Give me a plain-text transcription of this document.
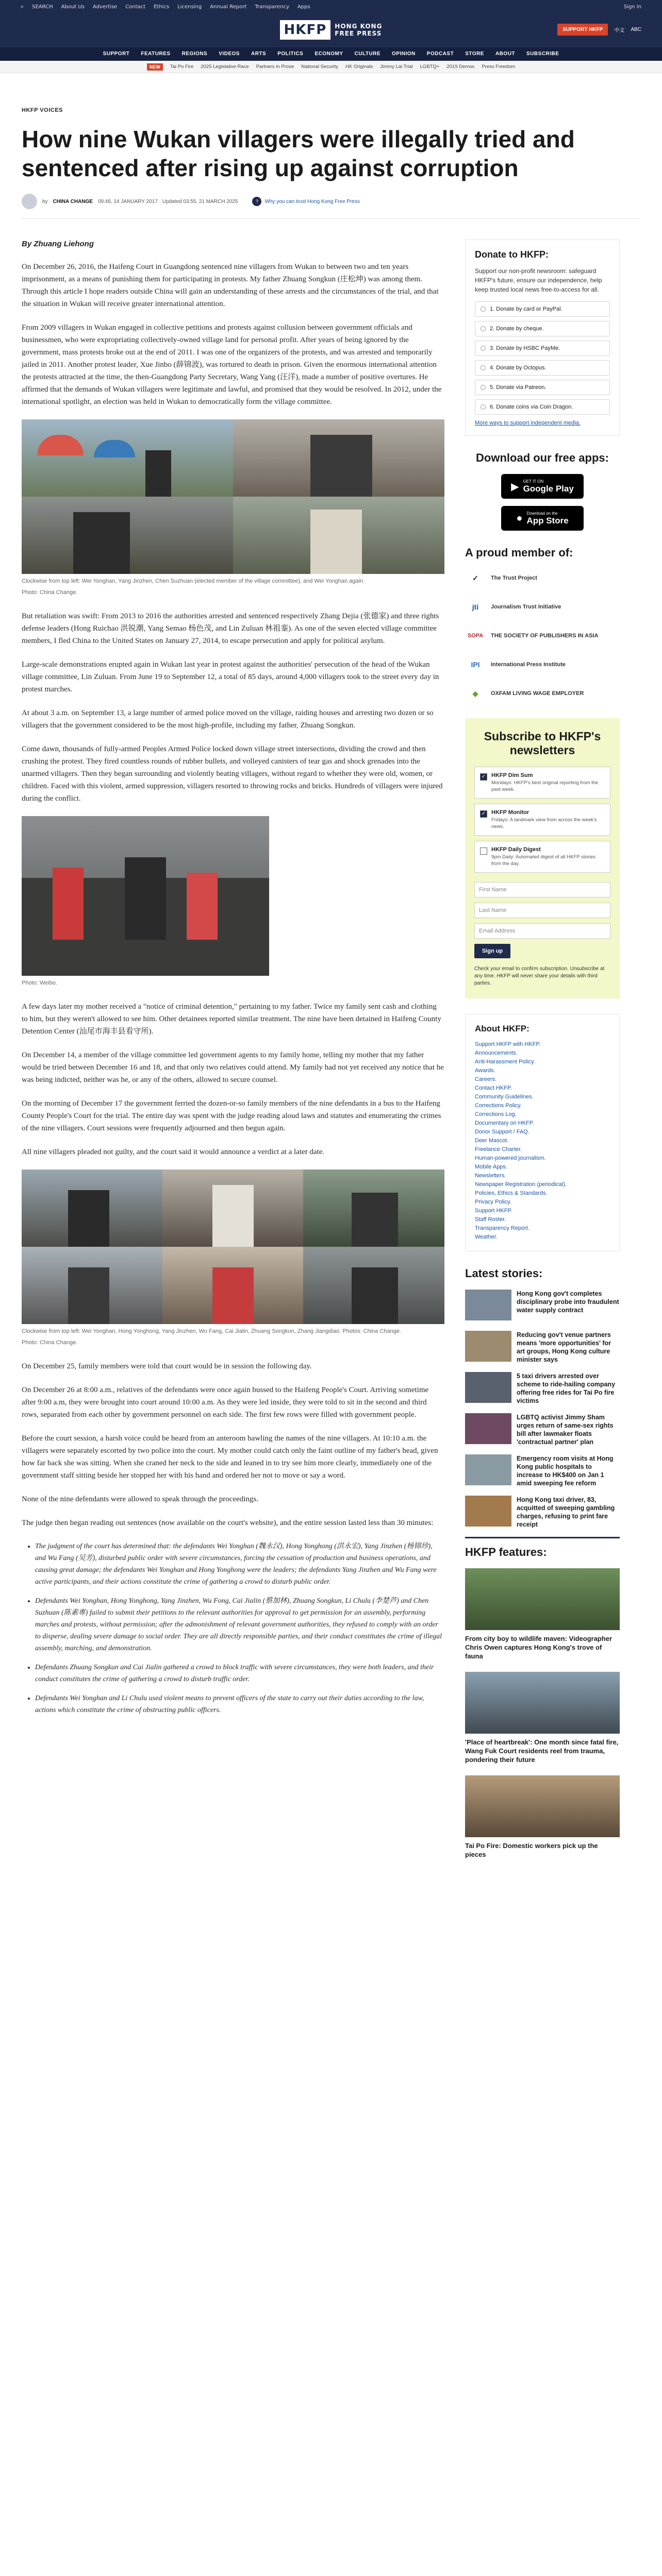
⌕ SEARCH About Us Advertise Contact Ethics Licensing Annual Report Transparency Apps	Sign in
HKFP	HONG KONG
FREE PRESS
SUPPORT HKFP	中文 ABC
SUPPORT FEATURES REGIONS VIDEOS ARTS POLITICS ECONOMY CULTURE OPINION PODCAST STORE ABOUT SUBSCRIBE
NEW	Tai Po Fire 2025 Legislative Race Partners in Prose National Security HK Originals Jimmy Lai Trial LGBTQ+ 2019 Demos Press Freedom
HKFP VOICES
How nine Wukan villagers were illegally tried and sentenced after rising up against corruption
by CHINA CHANGE 09:46, 14 JANUARY 2017 · Updated 03:55, 21 MARCH 2025	?	Why you can trust Hong Kong Free Press
By Zhuang Liehong

On December 26, 2016, the Haifeng Court in Guangdong sentenced nine villagers from Wukan to between two and ten years imprisonment, as a means of punishing them for participating in protests. My father Zhuang Songkun (庄松坤) was among them. Through this article I hope readers outside China will gain an understanding of these arrests and the circumstances of the trial, and that the situation in Wukan will receive greater international attention.

From 2009 villagers in Wukan engaged in collective petitions and protests against collusion between government officials and businessmen, who were expropriating collectively-owned village land for personal profit. After years of being ignored by the government, mass protests broke out at the end of 2011. I was one of the organizers of the protests, and was arrested and temporarily jailed in 2011. Another protest leader, Xue Jinbo (薛锦波), was tortured to death in prison. Given the enormous international attention the protests attracted at the time, the then-Guangdong Party Secretary, Wang Yang (汪洋), made a number of positive overtures. He affirmed that the demands of Wukan villagers were legitimate and lawful, and promised that they would be resolved. In 2012, under the international spotlight, an election was held in Wukan to democratically form the village committee.

Clockwise from top left: Wei Yonghan, Yang Jinzhen, Chen Suzhuan (elected member of the village committee), and Wei Yonghan again.
Photo: China Change.

But retaliation was swift: From 2013 to 2016 the authorities arrested and sentenced respectively Zhang Dejia (张德家) and three rights defense leaders (Hong Ruichao 洪锐潮, Yang Semao 杨色茂, and Lin Zuluan 林祖銮). As one of the seven elected village committee members, I fled China to the United States on January 27, 2014, to escape persecution and apply for political asylum.

Large-scale demonstrations erupted again in Wukan last year in protest against the authorities' persecution of the head of the Wukan village committee, Lin Zuluan. From June 19 to September 12, a total of 85 days, around 4,000 villagers took to the street every day in protest marches.

At about 3 a.m. on September 13, a large number of armed police moved on the village, raiding houses and arresting two dozen or so villagers that the government considered to be the most high-profile, including my father, Zhuang Songkun.

Come dawn, thousands of fully-armed Peoples Armed Police locked down village street intersections, dividing the crowd and then crushing the protest. They fired countless rounds of rubber bullets, and volleyed canisters of tear gas and shock grenades into the unarmed villagers. Then they began surrounding and violently beating villagers, without regard to whether they were old, women, or children. Faced with this violent, armed suppression, villagers resorted to throwing rocks and bricks. Hundreds of villagers were injured during the conflict.

Photo: Weibo.

A few days later my mother received a "notice of criminal detention," pertaining to my father. Twice my family sent cash and clothing to him, but they weren't allowed to see him. Other detainees reported similar treatment. The nine have been detained in Haifeng County Detention Center (汕尾市海丰县看守所).

On December 14, a member of the village committee led government agents to my family home, telling my mother that my father would be tried between December 16 and 18, and that only two relatives could attend. My family had not yet received any notice that he was being indicted, neither was he, or any of the others, allowed to secure counsel.

On the morning of December 17 the government ferried the dozen-or-so family members of the nine defendants in a bus to the Haifeng County People's Court for the trial. The entire day was spent with the judge reading aloud laws and statutes and enumerating the crimes of the nine villagers. Court sessions were frequently adjourned and then begun again.

All nine villagers pleaded not guilty, and the court said it would announce a verdict at a later date.

Clockwise from top left: Wei Yonghan, Hong Yonghong, Yang Jinzhen, Wu Fang, Cai Jialin, Zhuang Songkun, Zhang Jiangdiao. Photos: China Change.
Photo: China Change.

On December 25, family members were told that court would be in session the following day.

On December 26 at 8:00 a.m., relatives of the defendants were once again bussed to the Haifeng People's Court. Arriving sometime after 9:00 a.m, they were brought into court around 10:00 a.m. As they were led inside, they were told to sit in the second and third rows, separated from each other by government personnel on each side. The first few rows were filled with government people.

Before the court session, a harsh voice could be heard from an anteroom bawling the names of the nine villagers. At 10:10 a.m. the villagers were separately escorted by two police into the court. My mother could catch only the faint outline of my father's head, given how far back she was sitting. When she craned her neck to the side and leaned in to try see him more clearly, immediately one of the government staff sitting beside her stopped her with his hand and ordered her not to move or say a word.

None of the nine defendants were allowed to speak through the proceedings.

The judge then began reading out sentences (now available on the court's website), and the entire session lasted less than 30 minutes:

• The judgment of the court has determined that: the defendants Wei Yonghan (魏永汉), Hong Yonghong (洪永宏), Yang Jinzhen (杨锦珍), and Wu Fang (吴芳), disturbed public order with severe circumstances, forcing the cessation of production and business operations, and causing great damage; the defendants Wei Yonghan and Hong Yonghong were the leaders; the defendants Yang Jinzhen and Wu Fang were active participants, and their actions constitute the crime of gathering a crowd to disturb public order.
• Defendants Wei Yonghan, Hong Yonghong, Yang Jinzhen, Wu Fong, Cai Jialin (蔡加林), Zhuang Songkun, Li Chulu (李楚芦) and Chen Suzhuan (陈素專) failed to submit their petitions to the relevant authorities for approval to get permission for an assembly, performing marches and protests, without permission; after the admonishment of relevant government authorities, they refused to comply with an order to disperse, dealing severe damage to social order. They are all directly responsible parties, and their conduct constitutes the crime of illegal assembly, marching, and demonstration.
• Defendants Zhuang Songkun and Cai Jialin gathered a crowd to block traffic with severe circumstances, they were both leaders, and their conduct constitutes the crime of gathering a crowd to disturb traffic order.
• Defendants Wei Yonghan and Li Chulu used violent means to prevent officers of the state to carry out their duties according to the law, actions which constitute the crime of obstructing public officers.
Donate to HKFP:
Support our non-profit newsroom: safeguard HKFP's future, ensure our independence, help keep trusted local news free-to-access for all.
1. Donate by card or PayPal.
2. Donate by cheque.
3. Donate by HSBC PayMe.
4. Donate by Octopus.
5. Donate via Patreon.
6. Donate coins via Coin Dragon.
More ways to support independent media.
Download our free apps:
▶ GET IT ON
Google Play
● Download on the
App Store
A proud member of:
✓	The Trust Project
jti	Journalism Trust Initiative
SOPA	THE SOCIETY OF PUBLISHERS IN ASIA
IPI	International Press Institute
◆	OXFAM LIVING WAGE EMPLOYER
Subscribe to HKFP's newsletters
✓ HKFP Dim Sum
Mondays: HKFP's best original reporting from the past week.
✓ HKFP Monitor
Fridays: A landmark view from across the week's news.
HKFP Daily Digest
9pm Daily: Automated digest of all HKFP stories from the day.
First Name
Last Name
Email Address
Sign up
Check your email to confirm subscription. Unsubscribe at any time. HKFP will never share your details with third parties.
About HKFP:
Support HKFP with HKFP.
Announcements.
Anti-Harassment Policy.
Awards.
Careers.
Contact HKFP.
Community Guidelines.
Corrections Policy.
Corrections Log.
Documentary on HKFP.
Donor Support / FAQ.
Deer Mascot.
Freelance Charter.
Human-powered journalism.
Mobile Apps.
Newsletters.
Newspaper Registration (periodical).
Policies, Ethics & Standards.
Privacy Policy.
Support HKFP.
Staff Roster.
Transparency Report.
Weather.
Latest stories:
Hong Kong gov't completes disciplinary probe into fraudulent water supply contract
Reducing gov't venue partners means 'more opportunities' for art groups, Hong Kong culture minister says
5 taxi drivers arrested over scheme to ride-hailing company offering free rides for Tai Po fire victims
LGBTQ activist Jimmy Sham urges return of same-sex rights bill after lawmaker floats 'contractual partner' plan
Emergency room visits at Hong Kong public hospitals to increase to HK$400 on Jan 1 amid sweeping fee reform
Hong Kong taxi driver, 83, acquitted of sweeping gambling charges, refusing to print fare receipt
HKFP features:
From city boy to wildlife maven: Videographer Chris Owen captures Hong Kong's trove of fauna
'Place of heartbreak': One month since fatal fire, Wang Fuk Court residents reel from trauma, pondering their future
Tai Po Fire: Domestic workers pick up the pieces
